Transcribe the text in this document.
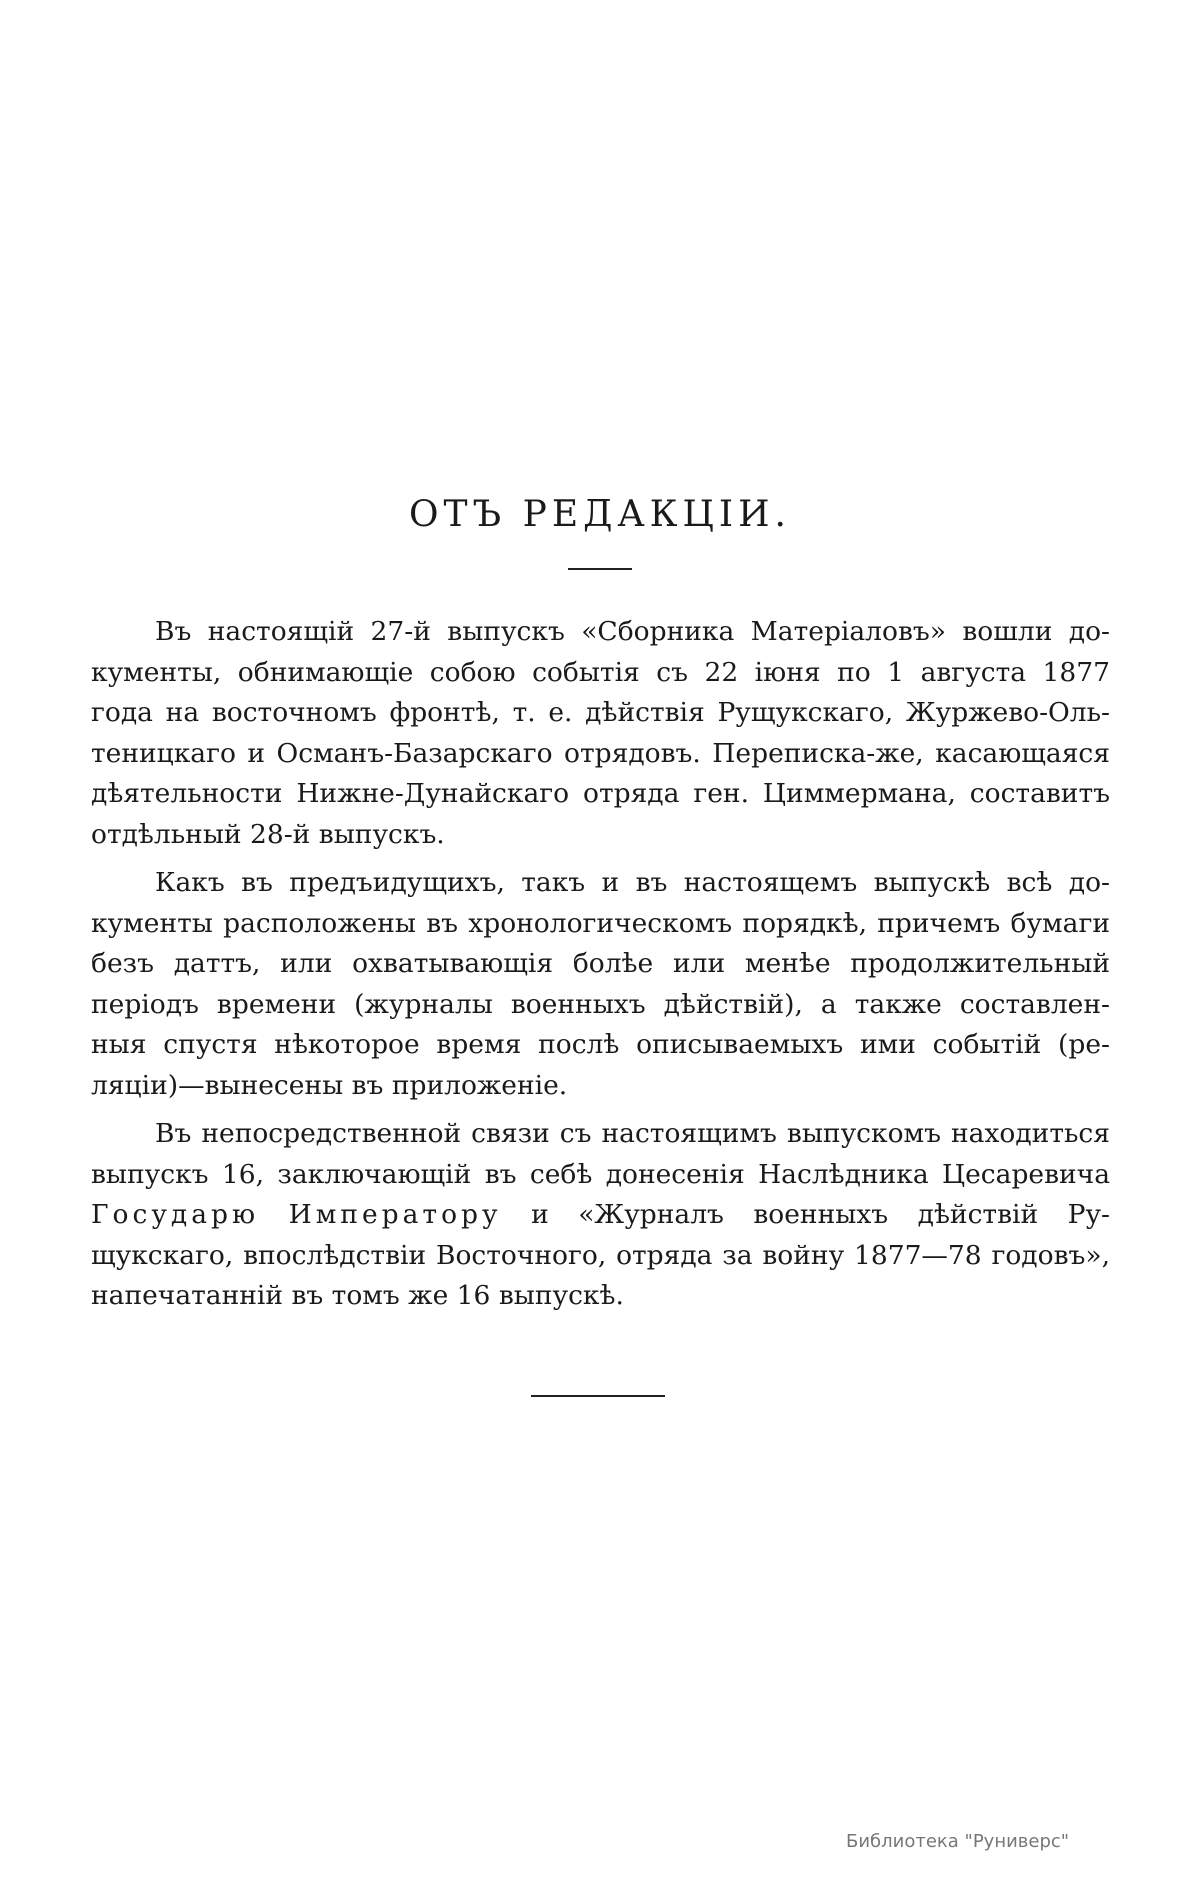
ОТЪ РЕДАКЦІИ.
Въ настоящій 27-й выпускъ «Сборника Матеріаловъ» вошли до-
кументы, обнимающіе собою событія съ 22 іюня по 1 августа 1877
года на восточномъ фронтѣ, т. е. дѣйствія Рущукскаго, Журжево-Оль-
теницкаго и Османъ-Базарскаго отрядовъ. Переписка-же, касающаяся
дѣятельности Нижне-Дунайскаго отряда ген. Циммермана, составитъ
отдѣльный 28-й выпускъ.
Какъ въ предъидущихъ, такъ и въ настоящемъ выпускѣ всѣ до-
кументы расположены въ хронологическомъ порядкѣ, причемъ бумаги
безъ даттъ, или охватывающія болѣе или менѣе продолжительный
періодъ времени (журналы военныхъ дѣйствій), а также составлен-
ныя спустя нѣкоторое время послѣ описываемыхъ ими событій (ре-
ляціи)—вынесены въ приложеніе.
Въ непосредственной связи съ настоящимъ выпускомъ находиться
выпускъ 16, заключающій въ себѣ донесенія Наслѣдника Цесаревича
Государю Императору и «Журналъ военныхъ дѣйствій Ру-
щукскаго, впослѣдствіи Восточного, отряда за войну 1877—78 годовъ»,
напечатанній въ томъ же 16 выпускѣ.
Библиотека "Руниверс"
